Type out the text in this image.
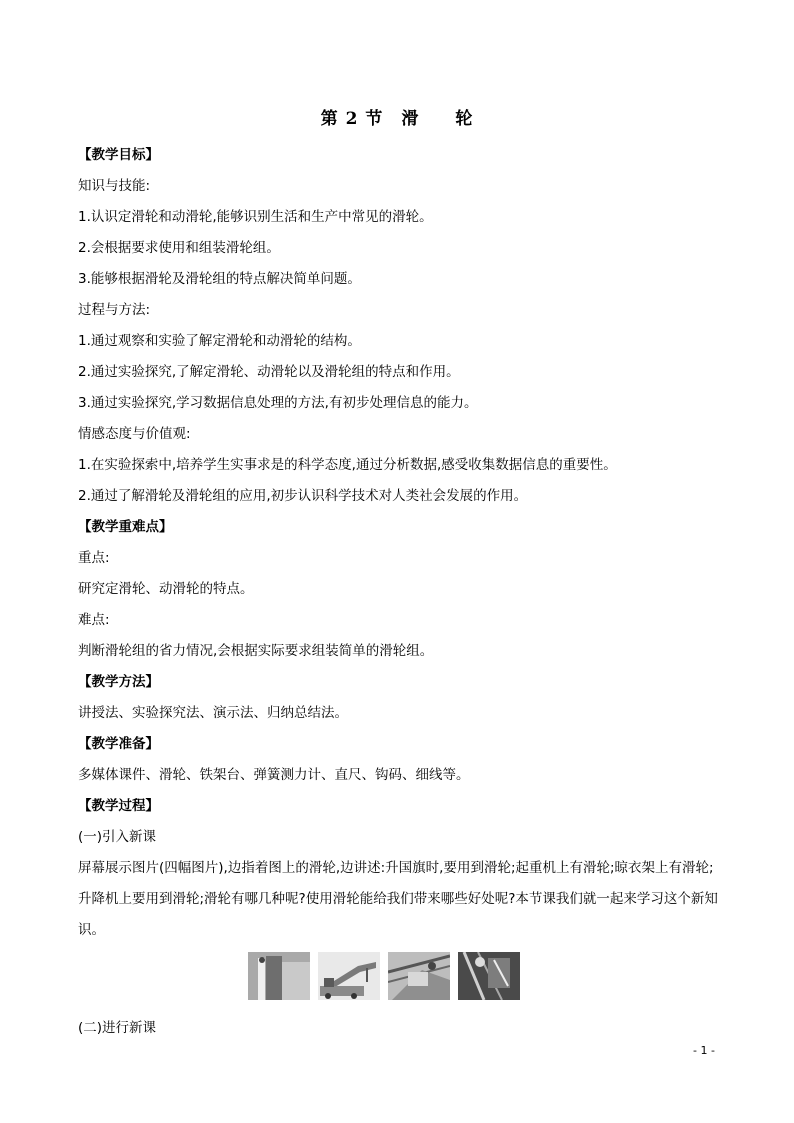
第 2 节　滑　　轮
【教学目标】
知识与技能:
1.认识定滑轮和动滑轮,能够识别生活和生产中常见的滑轮。
2.会根据要求使用和组装滑轮组。
3.能够根据滑轮及滑轮组的特点解决简单问题。
过程与方法:
1.通过观察和实验了解定滑轮和动滑轮的结构。
2.通过实验探究,了解定滑轮、动滑轮以及滑轮组的特点和作用。
3.通过实验探究,学习数据信息处理的方法,有初步处理信息的能力。
情感态度与价值观:
1.在实验探索中,培养学生实事求是的科学态度,通过分析数据,感受收集数据信息的重要性。
2.通过了解滑轮及滑轮组的应用,初步认识科学技术对人类社会发展的作用。
【教学重难点】
重点:
研究定滑轮、动滑轮的特点。
难点:
判断滑轮组的省力情况,会根据实际要求组装简单的滑轮组。
【教学方法】
讲授法、实验探究法、演示法、归纳总结法。
【教学准备】
多媒体课件、滑轮、铁架台、弹簧测力计、直尺、钩码、细线等。
【教学过程】
(一)引入新课
屏幕展示图片(四幅图片),边指着图上的滑轮,边讲述:升国旗时,要用到滑轮;起重机上有滑轮;晾衣架上有滑轮;升降机上要用到滑轮;滑轮有哪几种呢?使用滑轮能给我们带来哪些好处呢?本节课我们就一起来学习这个新知识。
(二)进行新课
- 1 -
